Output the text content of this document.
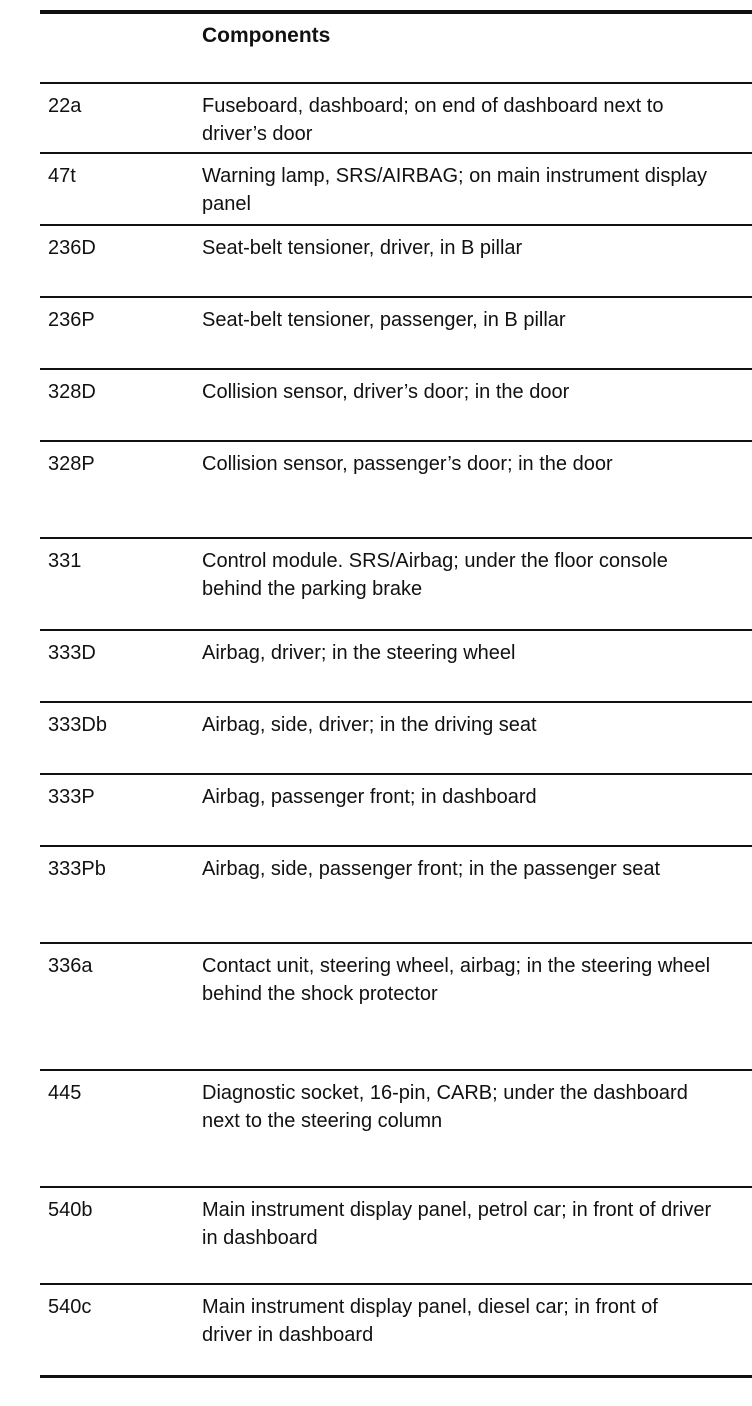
Components
22a	Fuseboard, dashboard; on end of dashboard next to driver’s door
47t	Warning lamp, SRS/AIRBAG; on main instrument display panel
236D	Seat-belt tensioner, driver, in B pillar
236P	Seat-belt tensioner, passenger, in B pillar
328D	Collision sensor, driver’s door; in the door
328P	Collision sensor, passenger’s door; in the door
331	Control module. SRS/Airbag; under the floor console behind the parking brake
333D	Airbag, driver; in the steering wheel
333Db	Airbag, side, driver; in the driving seat
333P	Airbag, passenger front; in dashboard
333Pb	Airbag, side, passenger front; in the passenger seat
336a	Contact unit, steering wheel, airbag; in the steering wheel behind the shock protector
445	Diagnostic socket, 16-pin, CARB; under the dashboard next to the steering column
540b	Main instrument display panel, petrol car; in front of driver in dashboard
540c	Main instrument display panel, diesel car; in front of driver in dashboard
